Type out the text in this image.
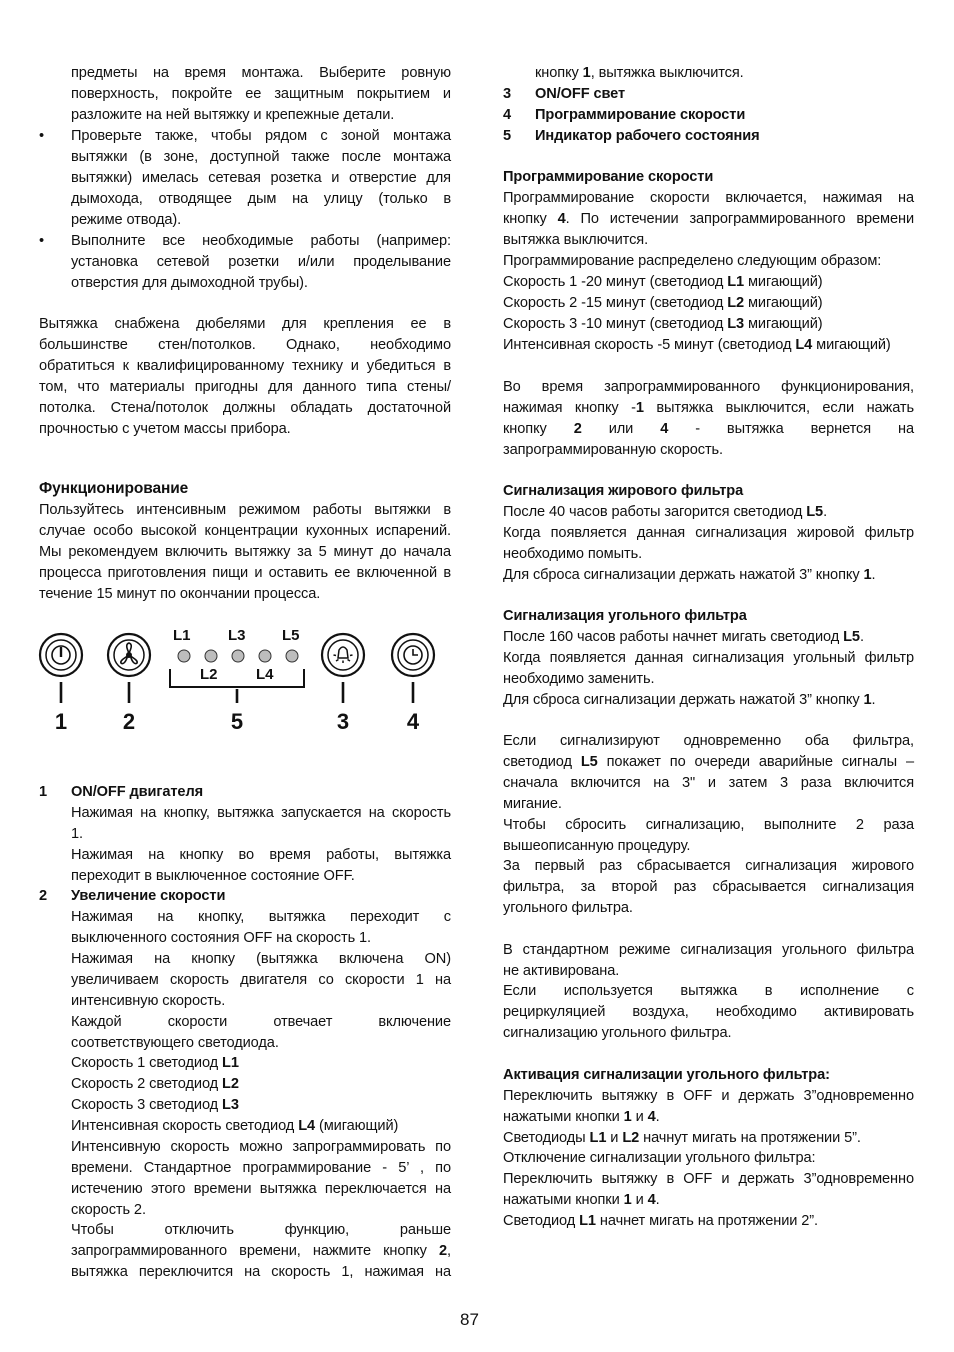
предметы на время монтажа. Выберите ровную
поверхность, покройте ее защитным покрытием и
разложите на ней вытяжку и крепежные детали.
• Проверьте также, чтобы рядом с зоной монтажа
вытяжки (в зоне, доступной также после монтажа
вытяжки) имелась сетевая розетка и отверстие для
дымохода, отводящее дым на улицу (только в
режиме отвода).
• Выполните все необходимые работы (например:
установка сетевой розетки и/или проделывание
отверстия для дымоходной трубы).
Вытяжка снабжена дюбелями для крепления ее в
большинстве стен/потолков. Однако, необходимо
обратиться к квалифицированному технику и убедиться в
том, что материалы пригодны для данного типа стены/
потолка. Стена/потолок должны обладать достаточной
прочностью с учетом массы прибора.
Функционирование
Пользуйтесь интенсивным режимом работы вытяжки в
случае особо высокой концентрации кухонных испарений.
Мы рекомендуем включить вытяжку за 5 минут до начала
процесса приготовления пищи и оставить ее включенной в
течение 15 минут по окончании процесса.
1 ON/OFF двигателя
Нажимая на кнопку, вытяжка запускается на скорость
1.
Нажимая на кнопку во время работы, вытяжка
переходит в выключенное состояние OFF.
2 Увеличение скорости
Нажимая на кнопку, вытяжка переходит с
выключенного состояния OFF на скорость 1.
Нажимая на кнопку (вытяжка включена ON)
увеличиваем скорость двигателя со скорости 1 на
интенсивную скорость.
Каждой скорости отвечает включение
соответствующего светодиода.
Скорость 1 светодиод L1
Скорость 2 светодиод L2
Скорость 3 светодиод L3
Интенсивная скорость светодиод L4 (мигающий)
Интенсивную скорость можно запрограммировать по
времени. Стандартное программирование - 5’ , по
истечению этого времени вытяжка переключается на
скорость 2.
Чтобы отключить функцию, раньше
запрограммированного времени, нажмите кнопку 2,
вытяжка переключится на скорость 1, нажимая на
кнопку 1, вытяжка выключится.
3 ON/OFF свет
4 Программирование скорости
5 Индикатор рабочего состояния
Программирование скорости
Программирование скорости включается, нажимая на
кнопку 4. По истечении запрограммированного времени
вытяжка выключится.
Программирование распределено следующим образом:
Скорость 1 -20 минут (светодиод L1 мигающий)
Скорость 2 -15 минут (светодиод L2 мигающий)
Скорость 3 -10 минут (светодиод L3 мигающий)
Интенсивная скорость -5 минут (светодиод L4 мигающий)
Во время запрограммированного функционирования,
нажимая кнопку -1 вытяжка выключится, если нажать
кнопку 2 или 4 - вытяжка вернется на
запрограммированную скорость.
Сигнализация жирового фильтра
После 40 часов работы загорится светодиод L5.
Когда появляется данная сигнализация жировой фильтр
необходимо помыть.
Для сброса сигнализации держать нажатой 3” кнопку 1.
Сигнализация угольного фильтра
После 160 часов работы начнет мигать светодиод L5.
Когда появляется данная сигнализация угольный фильтр
необходимо заменить.
Для сброса сигнализации держать нажатой 3” кнопку 1.
Если сигнализируют одновременно оба фильтра,
светодиод L5 покажет по очереди аварийные сигналы –
сначала включится на 3" и затем 3 раза включится
мигание.
Чтобы сбросить сигнализацию, выполните 2 раза
вышеописанную процедуру.
За первый раз сбрасывается сигнализация жирового
фильтра, за второй раз сбрасывается сигнализация
угольного фильтра.
В стандартном режиме сигнализация угольного фильтра
не активирована.
Если используется вытяжка в исполнение с
рециркуляцией воздуха, необходимо активировать
сигнализацию угольного фильтра.
Активация сигнализации угольного фильтра:
Переключить вытяжку в OFF и держать 3”одновременно
нажатыми кнопки 1 и 4.
Светодиоды L1 и L2 начнут мигать на протяжении 5”.
Отключение сигнализации угольного фильтра:
Переключить вытяжку в OFF и держать 3”одновременно
нажатыми кнопки 1 и 4.
Светодиод L1 начнет мигать на протяжении 2”.
L1 L3 L5
L2	L4
1	2	5	3	4
87
